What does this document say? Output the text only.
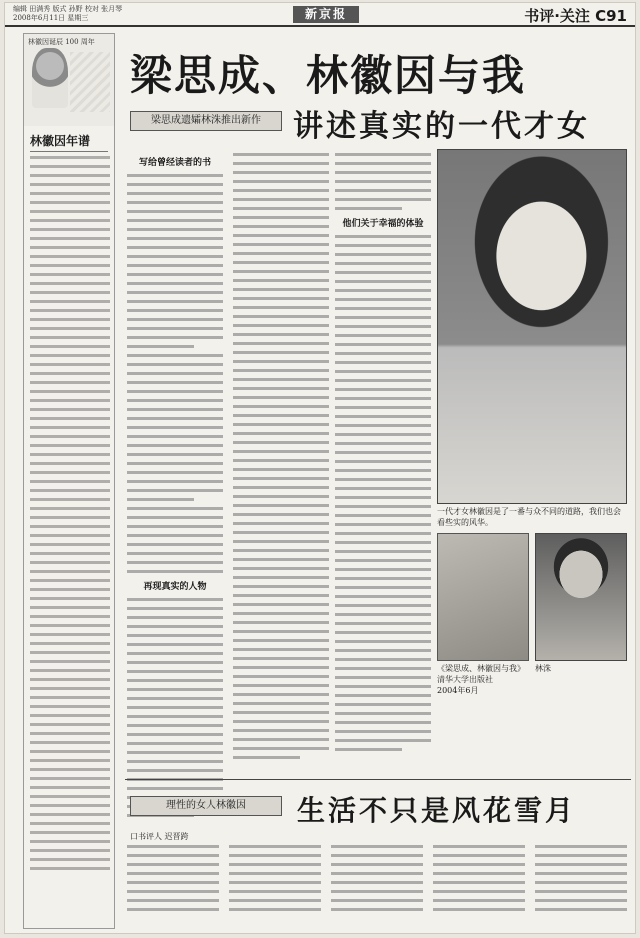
编辑 田满秀 版式 孙野 校对 张月琴
2008年6月11日 星期三	新京报	书评·关注 C91
林徽因诞辰 100 周年
林徽因年谱
梁思成、林徽因与我
梁思成遗孀林洙推出新作	讲述真实的一代才女
写给曾经读者的书
再现真实的人物
他们关于幸福的体验
一代才女林徽因是了一番与众不同的道路，我们也会看些实的风华。
《梁思成、林徽因与我》
清华大学出版社
2004年6月
林洙
理性的女人林徽因	生活不只是风花雪月
口书评人 迟晋跨
